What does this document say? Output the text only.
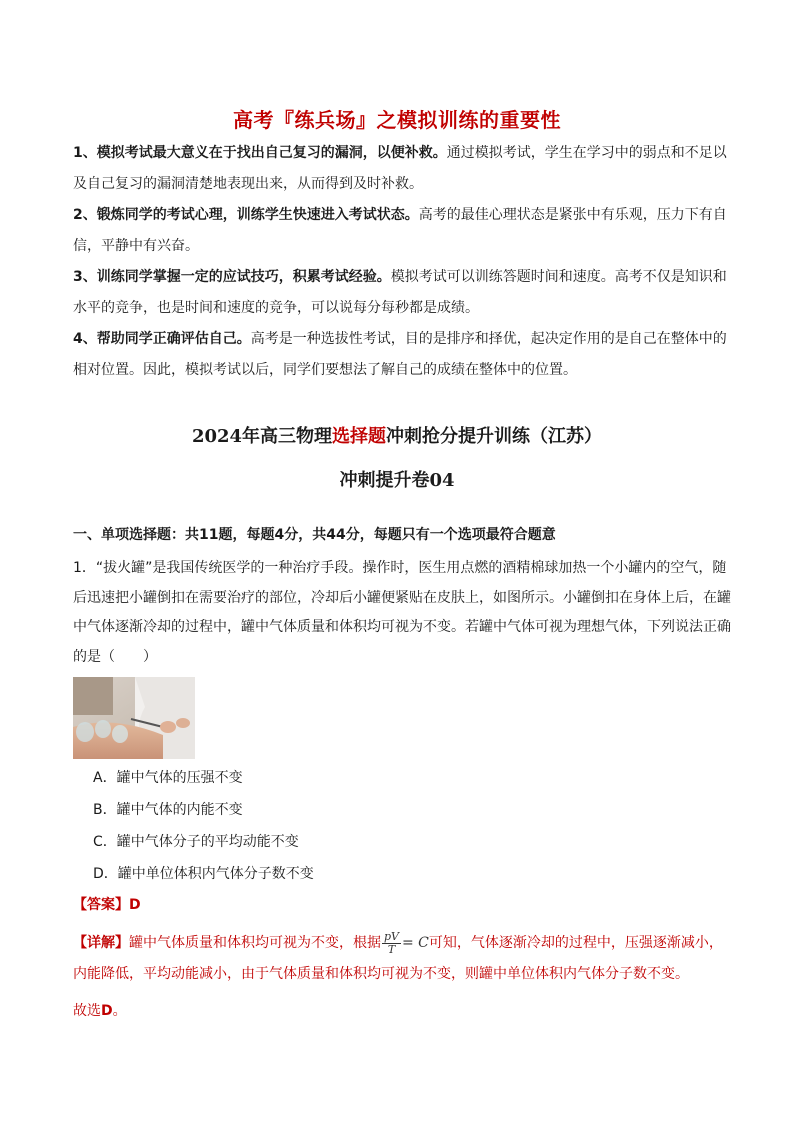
高考『练兵场』之模拟训练的重要性

1、模拟考试最大意义在于找出自己复习的漏洞，以便补救。通过模拟考试，学生在学习中的弱点和不足以及自己复习的漏洞清楚地表现出来，从而得到及时补救。

2、锻炼同学的考试心理，训练学生快速进入考试状态。高考的最佳心理状态是紧张中有乐观，压力下有自信，平静中有兴奋。

3、训练同学掌握一定的应试技巧，积累考试经验。模拟考试可以训练答题时间和速度。高考不仅是知识和水平的竞争，也是时间和速度的竞争，可以说每分每秒都是成绩。

4、帮助同学正确评估自己。高考是一种选拔性考试，目的是排序和择优，起决定作用的是自己在整体中的相对位置。因此，模拟考试以后，同学们要想法了解自己的成绩在整体中的位置。

2024年高三物理选择题冲刺抢分提升训练（江苏）
冲刺提升卷04
一、单项选择题：共11题，每题4分，共44分，每题只有一个选项最符合题意
1．“拔火罐”是我国传统医学的一种治疗手段。操作时，医生用点燃的酒精棉球加热一个小罐内的空气，随后迅速把小罐倒扣在需要治疗的部位，冷却后小罐便紧贴在皮肤上，如图所示。小罐倒扣在身体上后，在罐中气体逐渐冷却的过程中，罐中气体质量和体积均可视为不变。若罐中气体可视为理想气体，下列说法正确的是（　　）
A．罐中气体的压强不变
B．罐中气体的内能不变
C．罐中气体分子的平均动能不变
D．罐中单位体积内气体分子数不变
【答案】D
【详解】罐中气体质量和体积均可视为不变，根据 $\frac{pV}{T} = C$可知，气体逐渐冷却的过程中，压强逐渐减小，内能降低，平均动能减小，由于气体质量和体积均可视为不变，则罐中单位体积内气体分子数不变。
故选D。
